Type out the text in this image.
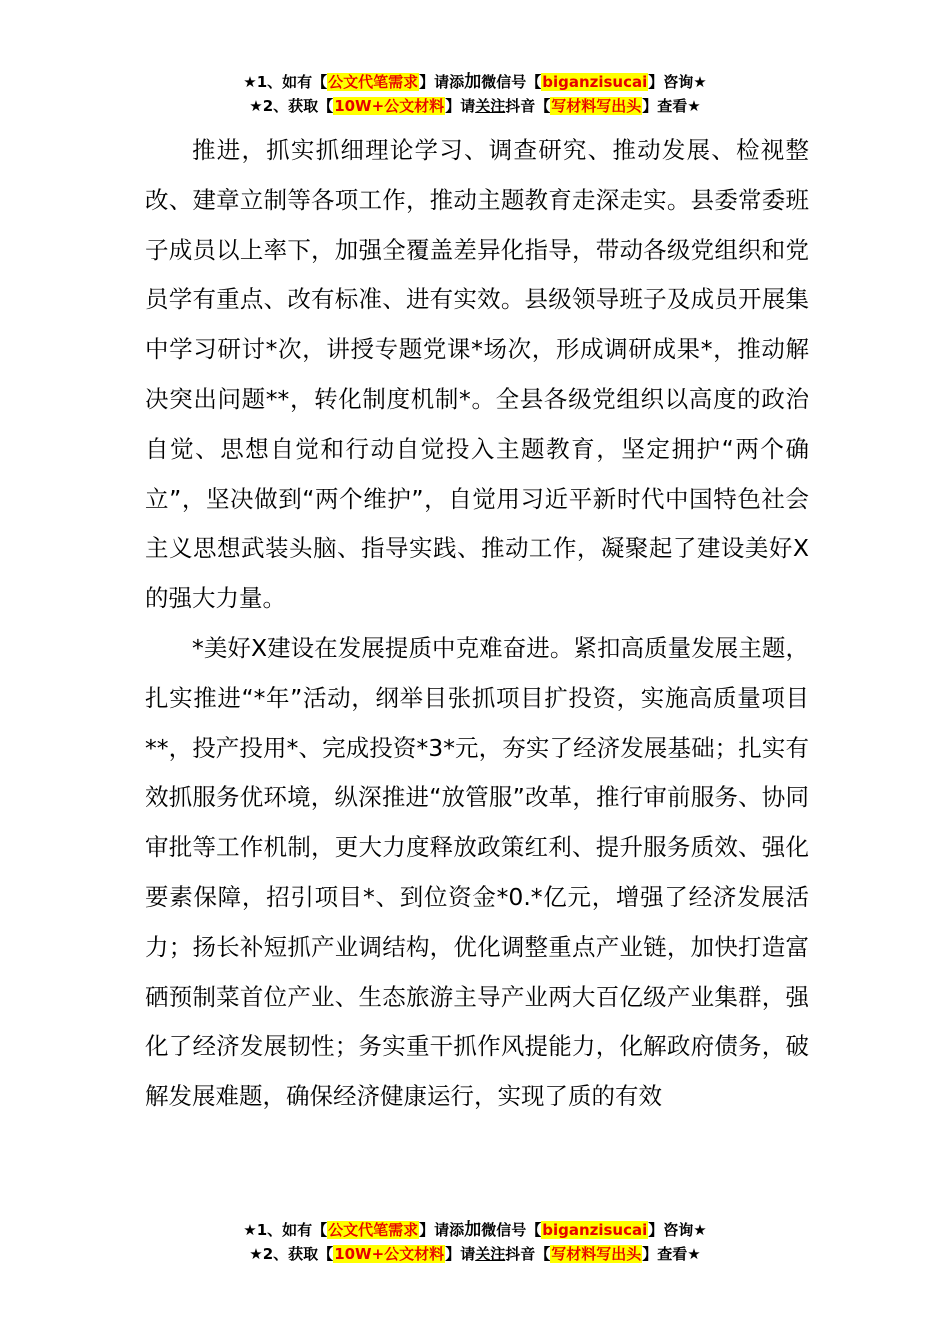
★1、如有【公文代笔需求】请添加微信号【biganzisucai】咨询★
★2、获取【10W+公文材料】请关注抖音【写材料写出头】查看★

推进，抓实抓细理论学习、调查研究、推动发展、检视整改、建章立制等各项工作，推动主题教育走深走实。县委常委班子成员以上率下，加强全覆盖差异化指导，带动各级党组织和党员学有重点、改有标准、进有实效。县级领导班子及成员开展集中学习研讨*次，讲授专题党课*场次，形成调研成果*，推动解决突出问题**，转化制度机制*。全县各级党组织以高度的政治自觉、思想自觉和行动自觉投入主题教育，坚定拥护“两个确立”，坚决做到“两个维护”，自觉用习近平新时代中国特色社会主义思想武装头脑、指导实践、推动工作，凝聚起了建设美好X的强大力量。

*美好X建设在发展提质中克难奋进。紧扣高质量发展主题，扎实推进“*年”活动，纲举目张抓项目扩投资，实施高质量项目**，投产投用*、完成投资*3*元，夯实了经济发展基础；扎实有效抓服务优环境，纵深推进“放管服”改革，推行审前服务、协同审批等工作机制，更大力度释放政策红利、提升服务质效、强化要素保障，招引项目*、到位资金*0.*亿元，增强了经济发展活力；扬长补短抓产业调结构，优化调整重点产业链，加快打造富硒预制菜首位产业、生态旅游主导产业两大百亿级产业集群，强化了经济发展韧性；务实重干抓作风提能力，化解政府债务，破解发展难题，确保经济健康运行，实现了质的有效

★1、如有【公文代笔需求】请添加微信号【biganzisucai】咨询★
★2、获取【10W+公文材料】请关注抖音【写材料写出头】查看★
